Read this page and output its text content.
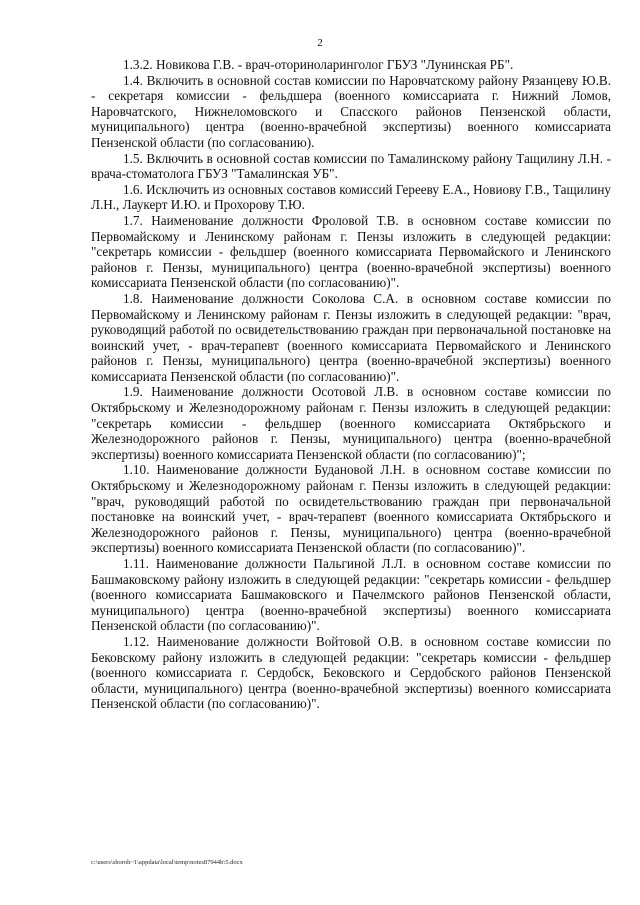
2

1.3.2. Новикова Г.В. - врач-оториноларинголог ГБУЗ "Лунинская РБ".

1.4. Включить в основной состав комиссии по Наровчатскому району Рязанцеву Ю.В. - секретаря комиссии - фельдшера (военного комиссариата г. Нижний Ломов, Наровчатского, Нижнеломовского и Спасского районов Пензенской области, муниципального) центра (военно-врачебной экспертизы) военного комиссариата Пензенской области (по согласованию).

1.5. Включить в основной состав комиссии по Тамалинскому району Тащилину Л.Н. - врача-стоматолога ГБУЗ "Тамалинская УБ".

1.6. Исключить из основных составов комиссий Гереeву Е.А., Новиову Г.В., Тащилину Л.Н., Лаукерт И.Ю. и Прохорову Т.Ю.

1.7. Наименование должности Фроловой Т.В. в основном составе комиссии по Первомайскому и Ленинскому районам г. Пензы изложить в следующей редакции: "секретарь комиссии - фельдшер (военного комиссариата Первомайского и Ленинского районов г. Пензы, муниципального) центра (военно-врачебной экспертизы) военного комиссариата Пензенской области (по согласованию)".

1.8. Наименование должности Соколова С.А. в основном составе комиссии по Первомайскому и Ленинскому районам г. Пензы изложить в следующей редакции: "врач, руководящий работой по освидетельствованию граждан при первоначальной постановке на воинский учет, - врач-терапевт (военного комиссариата Первомайского и Ленинского районов г. Пензы, муниципального) центра (военно-врачебной экспертизы) военного комиссариата Пензенской области (по согласованию)".

1.9. Наименование должности Осотовой Л.В. в основном составе комиссии по Октябрьскому и Железнодорожному районам г. Пензы изложить в следующей редакции: "секретарь комиссии - фельдшер (военного комиссариата Октябрьского и Железнодорожного районов г. Пензы, муниципального) центра (военно-врачебной экспертизы) военного комиссариата Пензенской области (по согласованию)";

1.10. Наименование должности Будановой Л.Н. в основном составе комиссии по Октябрьскому и Железнодорожному районам г. Пензы изложить в следующей редакции: "врач, руководящий работой по освидетельствованию граждан при первоначальной постановке на воинский учет, - врач-терапевт (военного комиссариата Октябрьского и Железнодорожного районов г. Пензы, муниципального) центра (военно-врачебной экспертизы) военного комиссариата Пензенской области (по согласованию)".

1.11. Наименование должности Пальгиной Л.Л. в основном составе комиссии по Башмаковскому району изложить в следующей редакции: "секретарь комиссии - фельдшер (военного комиссариата Башмаковского и Пачелмского районов Пензенской области, муниципального) центра (военно-врачебной экспертизы) военного комиссариата Пензенской области (по согласованию)".

1.12. Наименование должности Войтовой О.В. в основном составе комиссии по Бековскому району изложить в следующей редакции: "секретарь комиссии - фельдшер (военного комиссариата г. Сердобск, Бековского и Сердобского районов Пензенской области, муниципального) центра (военно-врачебной экспертизы) военного комиссариата Пензенской области (по согласованию)".

c:\users\shoroh~1\appdata\local\temp\notes87944b\5.docx
